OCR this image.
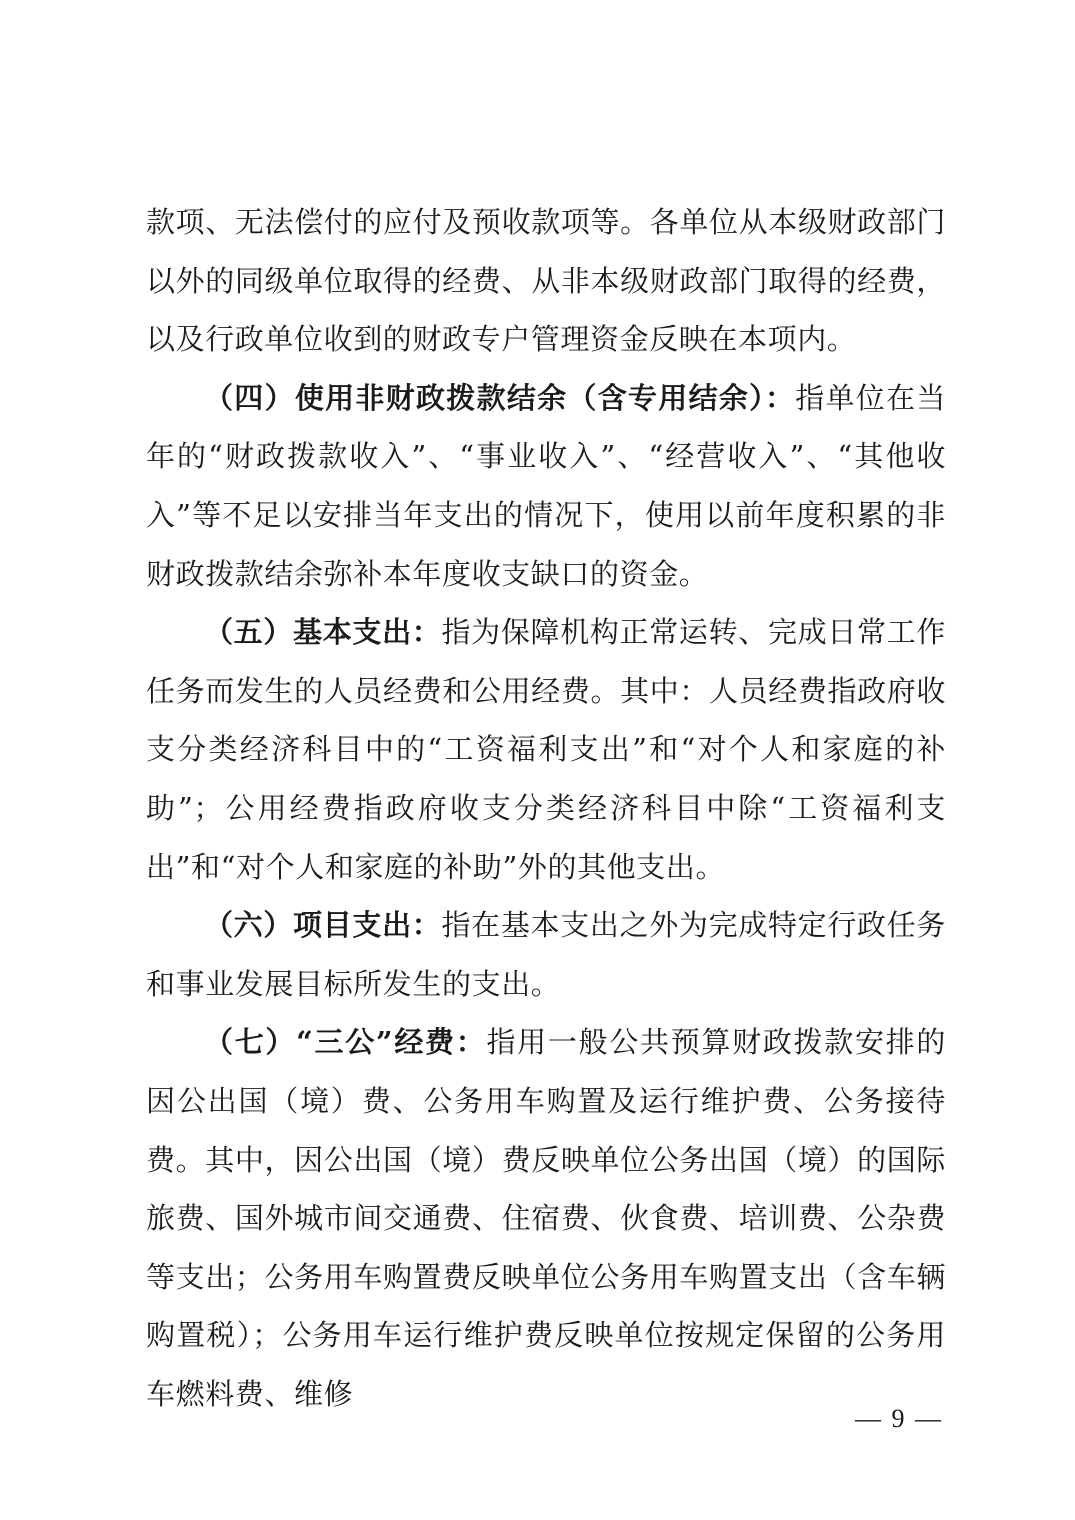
款项、无法偿付的应付及预收款项等。各单位从本级财政部门以外的同级单位取得的经费、从非本级财政部门取得的经费，以及行政单位收到的财政专户管理资金反映在本项内。

（四）使用非财政拨款结余（含专用结余）：指单位在当年的“财政拨款收入”、“事业收入”、“经营收入”、“其他收入”等不足以安排当年支出的情况下，使用以前年度积累的非财政拨款结余弥补本年度收支缺口的资金。

（五）基本支出：指为保障机构正常运转、完成日常工作任务而发生的人员经费和公用经费。其中：人员经费指政府收支分类经济科目中的“工资福利支出”和“对个人和家庭的补助”；公用经费指政府收支分类经济科目中除“工资福利支出”和“对个人和家庭的补助”外的其他支出。

（六）项目支出：指在基本支出之外为完成特定行政任务和事业发展目标所发生的支出。

（七）“三公”经费：指用一般公共预算财政拨款安排的因公出国（境）费、公务用车购置及运行维护费、公务接待费。其中，因公出国（境）费反映单位公务出国（境）的国际旅费、国外城市间交通费、住宿费、伙食费、培训费、公杂费等支出；公务用车购置费反映单位公务用车购置支出（含车辆购置税）；公务用车运行维护费反映单位按规定保留的公务用车燃料费、维修

— 9 —
